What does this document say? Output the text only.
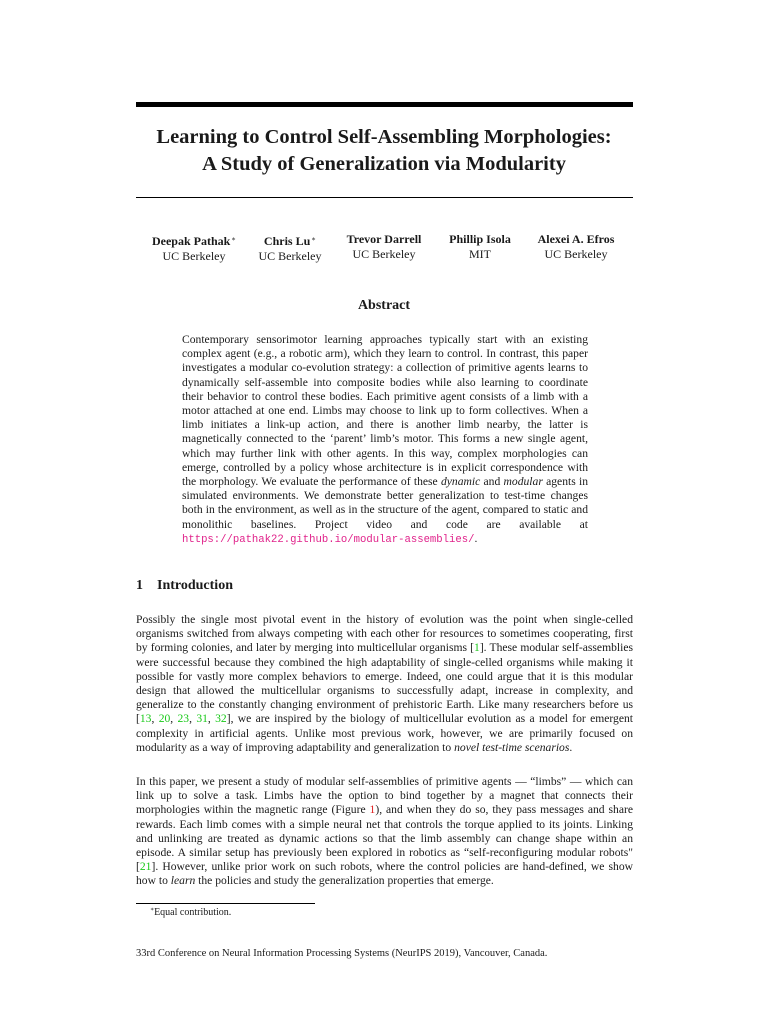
Learning to Control Self-Assembling Morphologies:
A Study of Generalization via Modularity
Deepak Pathak∗
UC Berkeley
Chris Lu∗
UC Berkeley
Trevor Darrell
UC Berkeley
Phillip Isola
MIT
Alexei A. Efros
UC Berkeley
Abstract
Contemporary sensorimotor learning approaches typically start with an existing complex agent (e.g., a robotic arm), which they learn to control. In contrast, this paper investigates a modular co-evolution strategy: a collection of primitive agents learns to dynamically self-assemble into composite bodies while also learning to coordinate their behavior to control these bodies. Each primitive agent consists of a limb with a motor attached at one end. Limbs may choose to link up to form collectives. When a limb initiates a link-up action, and there is another limb nearby, the latter is magnetically connected to the ‘parent’ limb’s motor. This forms a new single agent, which may further link with other agents. In this way, complex morphologies can emerge, controlled by a policy whose architecture is in explicit correspondence with the morphology. We evaluate the performance of these dynamic and modular agents in simulated environments. We demonstrate better generalization to test-time changes both in the environment, as well as in the structure of the agent, compared to static and monolithic baselines. Project video and code are available at https://pathak22.github.io/modular-assemblies/.
1 Introduction
Possibly the single most pivotal event in the history of evolution was the point when single-celled organisms switched from always competing with each other for resources to sometimes cooperating, first by forming colonies, and later by merging into multicellular organisms [1]. These modular self-assemblies were successful because they combined the high adaptability of single-celled organisms while making it possible for vastly more complex behaviors to emerge. Indeed, one could argue that it is this modular design that allowed the multicellular organisms to successfully adapt, increase in complexity, and generalize to the constantly changing environment of prehistoric Earth. Like many researchers before us [13, 20, 23, 31, 32], we are inspired by the biology of multicellular evolution as a model for emergent complexity in artificial agents. Unlike most previous work, however, we are primarily focused on modularity as a way of improving adaptability and generalization to novel test-time scenarios.
In this paper, we present a study of modular self-assemblies of primitive agents — “limbs” — which can link up to solve a task. Limbs have the option to bind together by a magnet that connects their morphologies within the magnetic range (Figure 1), and when they do so, they pass messages and share rewards. Each limb comes with a simple neural net that controls the torque applied to its joints. Linking and unlinking are treated as dynamic actions so that the limb assembly can change shape within an episode. A similar setup has previously been explored in robotics as “self-reconfiguring modular robots" [21]. However, unlike prior work on such robots, where the control policies are hand-defined, we show how to learn the policies and study the generalization properties that emerge.
∗Equal contribution.
33rd Conference on Neural Information Processing Systems (NeurIPS 2019), Vancouver, Canada.
